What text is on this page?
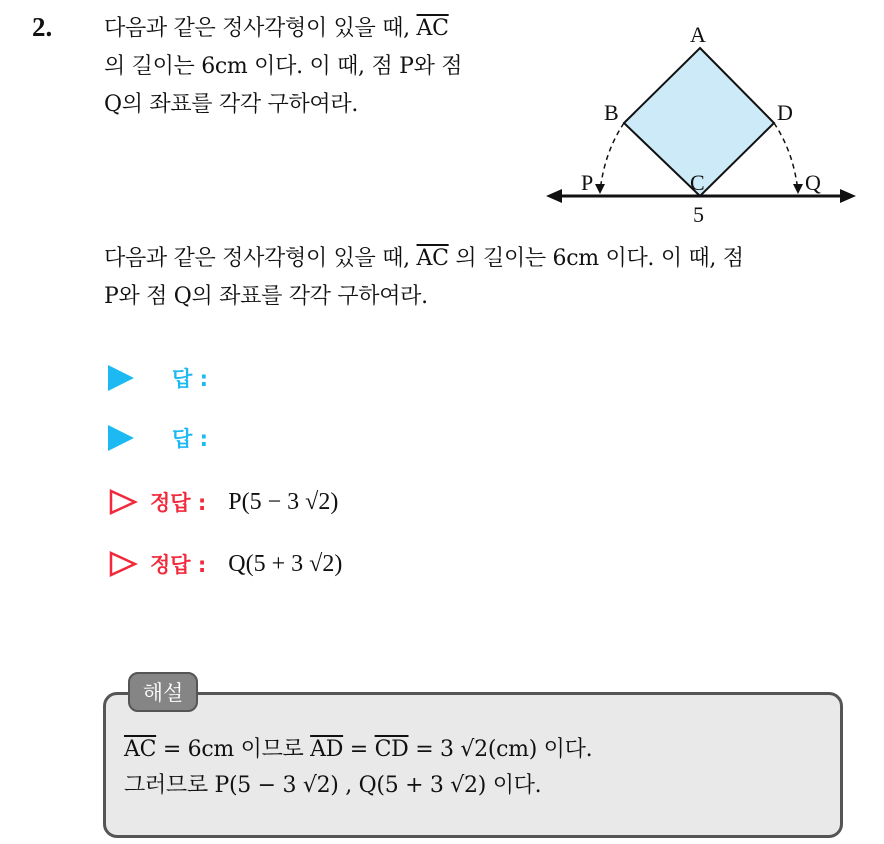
2. 다음과 같은 정사각형이 있을 때, $\overline{AC}$
의 길이는 6cm 이다. 이 때, 점 P와 점
Q의 좌표를 각각 구하여라.
A
B
C
D
P	Q
5
다음과 같은 정사각형이 있을 때, $\overline{AC}$ 의 길이는 6cm 이다. 이 때, 점
P와 점 Q의 좌표를 각각 구하여라.
답 :
답 :
정답 : P(5 − 3 √2)
정답 : Q(5 + 3 √2)
해설
$\overline{AC} = 6cm$ 이므로 $\overline{AD} = \overline{CD} = 3$ √2(cm) 이다.
그러므로 P(5 − 3 √2) , Q(5 + 3 √2) 이다.
